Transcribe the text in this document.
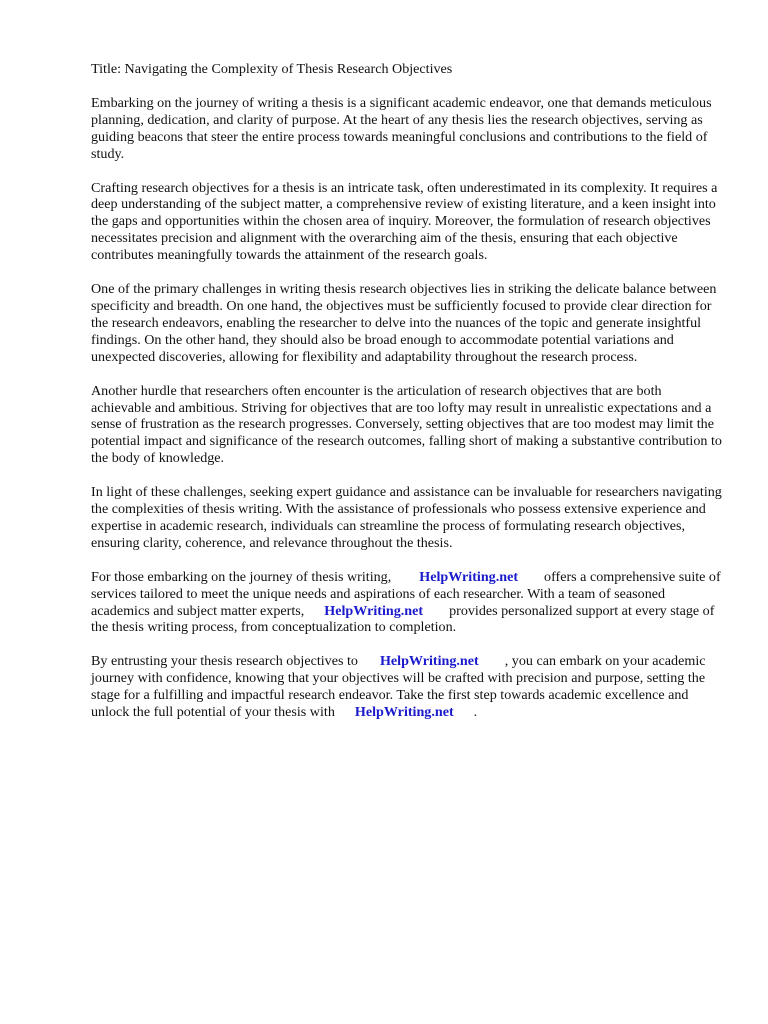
Title: Navigating the Complexity of Thesis Research Objectives

Embarking on the journey of writing a thesis is a significant academic endeavor, one that demands meticulous planning, dedication, and clarity of purpose. At the heart of any thesis lies the research objectives, serving as guiding beacons that steer the entire process towards meaningful conclusions and contributions to the field of study.

Crafting research objectives for a thesis is an intricate task, often underestimated in its complexity. It requires a deep understanding of the subject matter, a comprehensive review of existing literature, and a keen insight into the gaps and opportunities within the chosen area of inquiry. Moreover, the formulation of research objectives necessitates precision and alignment with the overarching aim of the thesis, ensuring that each objective contributes meaningfully towards the attainment of the research goals.

One of the primary challenges in writing thesis research objectives lies in striking the delicate balance between specificity and breadth. On one hand, the objectives must be sufficiently focused to provide clear direction for the research endeavors, enabling the researcher to delve into the nuances of the topic and generate insightful findings. On the other hand, they should also be broad enough to accommodate potential variations and unexpected discoveries, allowing for flexibility and adaptability throughout the research process.

Another hurdle that researchers often encounter is the articulation of research objectives that are both achievable and ambitious. Striving for objectives that are too lofty may result in unrealistic expectations and a sense of frustration as the research progresses. Conversely, setting objectives that are too modest may limit the potential impact and significance of the research outcomes, falling short of making a substantive contribution to the body of knowledge.

In light of these challenges, seeking expert guidance and assistance can be invaluable for researchers navigating the complexities of thesis writing. With the assistance of professionals who possess extensive experience and expertise in academic research, individuals can streamline the process of formulating research objectives, ensuring clarity, coherence, and relevance throughout the thesis.

For those embarking on the journey of thesis writing, HelpWriting.net offers a comprehensive suite of services tailored to meet the unique needs and aspirations of each researcher. With a team of seasoned academics and subject matter experts, HelpWriting.net provides personalized support at every stage of the thesis writing process, from conceptualization to completion.

By entrusting your thesis research objectives to HelpWriting.net , you can embark on your academic journey with confidence, knowing that your objectives will be crafted with precision and purpose, setting the stage for a fulfilling and impactful research endeavor. Take the first step towards academic excellence and unlock the full potential of your thesis with HelpWriting.net .
